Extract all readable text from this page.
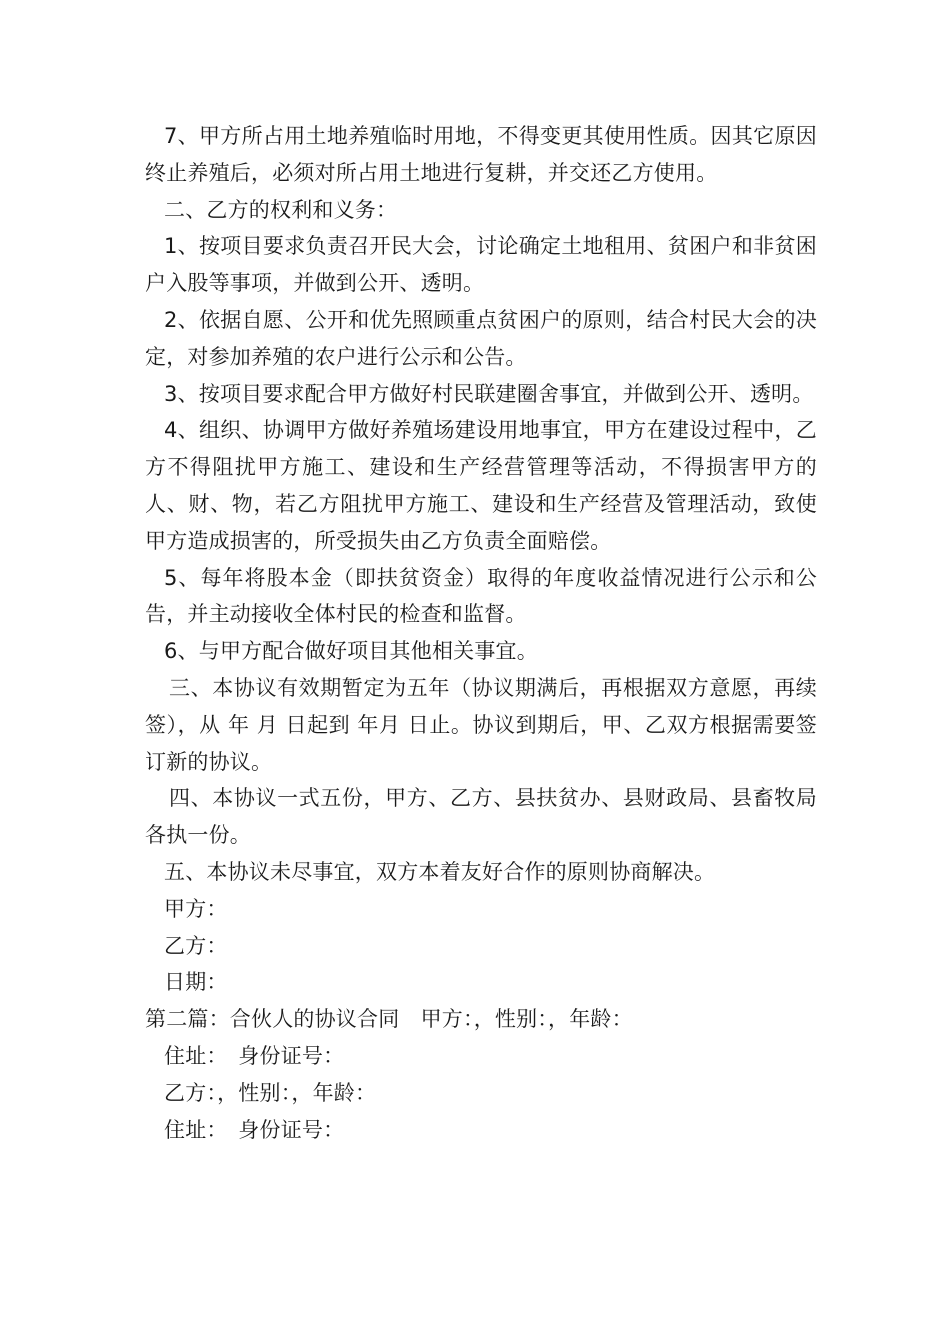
7、甲方所占用土地养殖临时用地，不得变更其使用性质。因其它原因终止养殖后，必须对所占用土地进行复耕，并交还乙方使用。

二、乙方的权利和义务：

1、按项目要求负责召开民大会，讨论确定土地租用、贫困户和非贫困户入股等事项，并做到公开、透明。

2、依据自愿、公开和优先照顾重点贫困户的原则，结合村民大会的决定，对参加养殖的农户进行公示和公告。

3、按项目要求配合甲方做好村民联建圈舍事宜，并做到公开、透明。

4、组织、协调甲方做好养殖场建设用地事宜，甲方在建设过程中，乙方不得阻扰甲方施工、建设和生产经营管理等活动，不得损害甲方的人、财、物，若乙方阻扰甲方施工、建设和生产经营及管理活动，致使甲方造成损害的，所受损失由乙方负责全面赔偿。

5、每年将股本金（即扶贫资金）取得的年度收益情况进行公示和公告，并主动接收全体村民的检查和监督。

6、与甲方配合做好项目其他相关事宜。

三、本协议有效期暂定为五年（协议期满后，再根据双方意愿，再续签），从 年 月 日起到 年月 日止。协议到期后，甲、乙双方根据需要签订新的协议。

四、本协议一式五份，甲方、乙方、县扶贫办、县财政局、县畜牧局各执一份。

五、本协议未尽事宜，双方本着友好合作的原则协商解决。

甲方：

乙方：

日期：

第二篇：合伙人的协议合同　甲方：，性别：，年龄：

住址：　身份证号：

乙方：，性别：，年龄：

住址：　身份证号：
